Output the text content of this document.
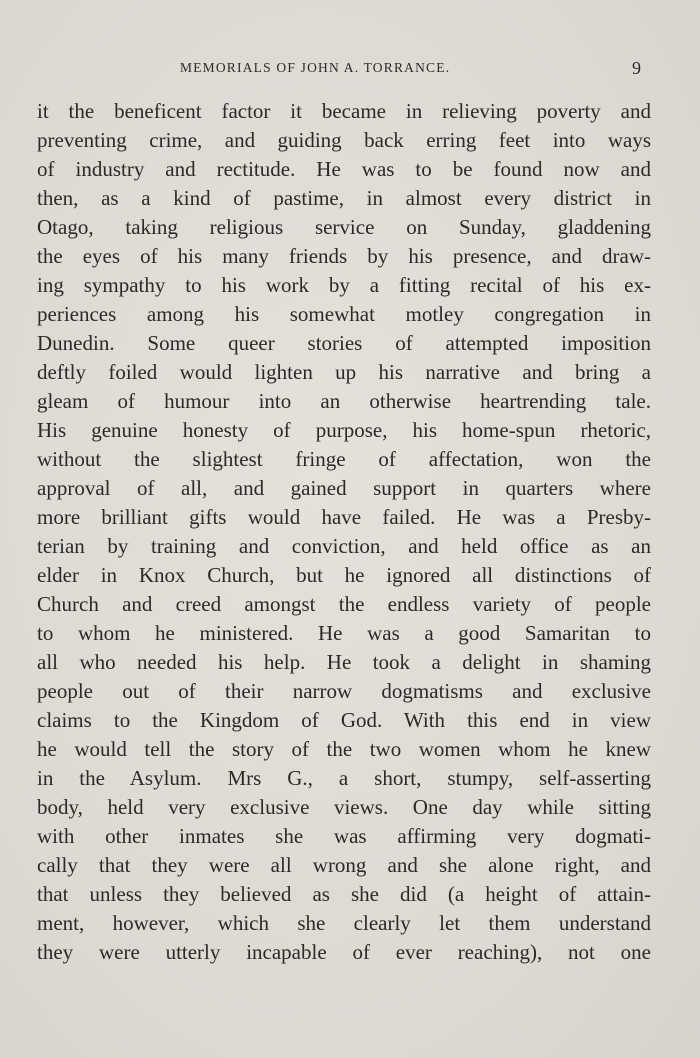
MEMORIALS OF JOHN A. TORRANCE.	9
it the beneficent factor it became in relieving poverty and
preventing crime, and guiding back erring feet into ways
of industry and rectitude. He was to be found now and
then, as a kind of pastime, in almost every district in
Otago, taking religious service on Sunday, gladdening
the eyes of his many friends by his presence, and draw-
ing sympathy to his work by a fitting recital of his ex-
periences among his somewhat motley congregation in
Dunedin. Some queer stories of attempted imposition
deftly foiled would lighten up his narrative and bring a
gleam of humour into an otherwise heartrending tale.
His genuine honesty of purpose, his home-spun rhetoric,
without the slightest fringe of affectation, won the
approval of all, and gained support in quarters where
more brilliant gifts would have failed. He was a Presby-
terian by training and conviction, and held office as an
elder in Knox Church, but he ignored all distinctions of
Church and creed amongst the endless variety of people
to whom he ministered. He was a good Samaritan to
all who needed his help. He took a delight in shaming
people out of their narrow dogmatisms and exclusive
claims to the Kingdom of God. With this end in view
he would tell the story of the two women whom he knew
in the Asylum. Mrs G., a short, stumpy, self-asserting
body, held very exclusive views. One day while sitting
with other inmates she was affirming very dogmati-
cally that they were all wrong and she alone right, and
that unless they believed as she did (a height of attain-
ment, however, which she clearly let them understand
they were utterly incapable of ever reaching), not one
